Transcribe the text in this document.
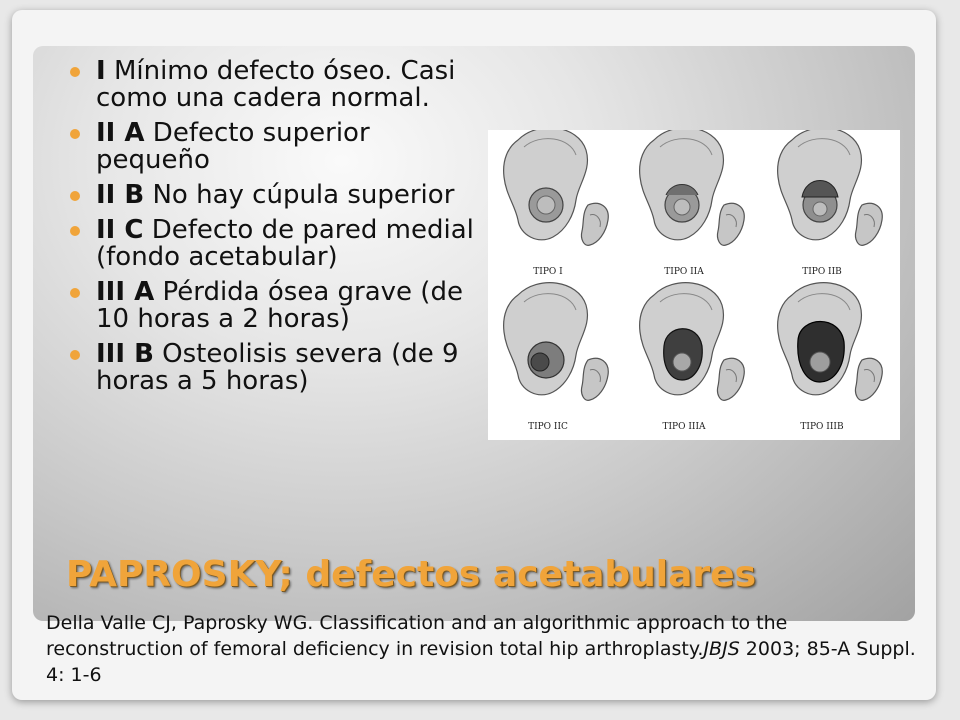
I Mínimo defecto óseo. Casi como una cadera normal.
II A Defecto superior pequeño
II B No hay cúpula superior
II C Defecto de pared medial (fondo acetabular)
III A Pérdida ósea grave (de 10 horas a 2 horas)
III B Osteolisis severa (de 9 horas a 5 horas)
TIPO I	TIPO IIA	TIPO IIB
TIPO IIC	TIPO IIIA	TIPO IIIB
PAPROSKY; defectos acetabulares
Della Valle CJ, Paprosky WG. Classification and an algorithmic approach to the reconstruction of femoral deficiency in revision total hip arthroplasty.JBJS 2003; 85-A Suppl. 4: 1-6
